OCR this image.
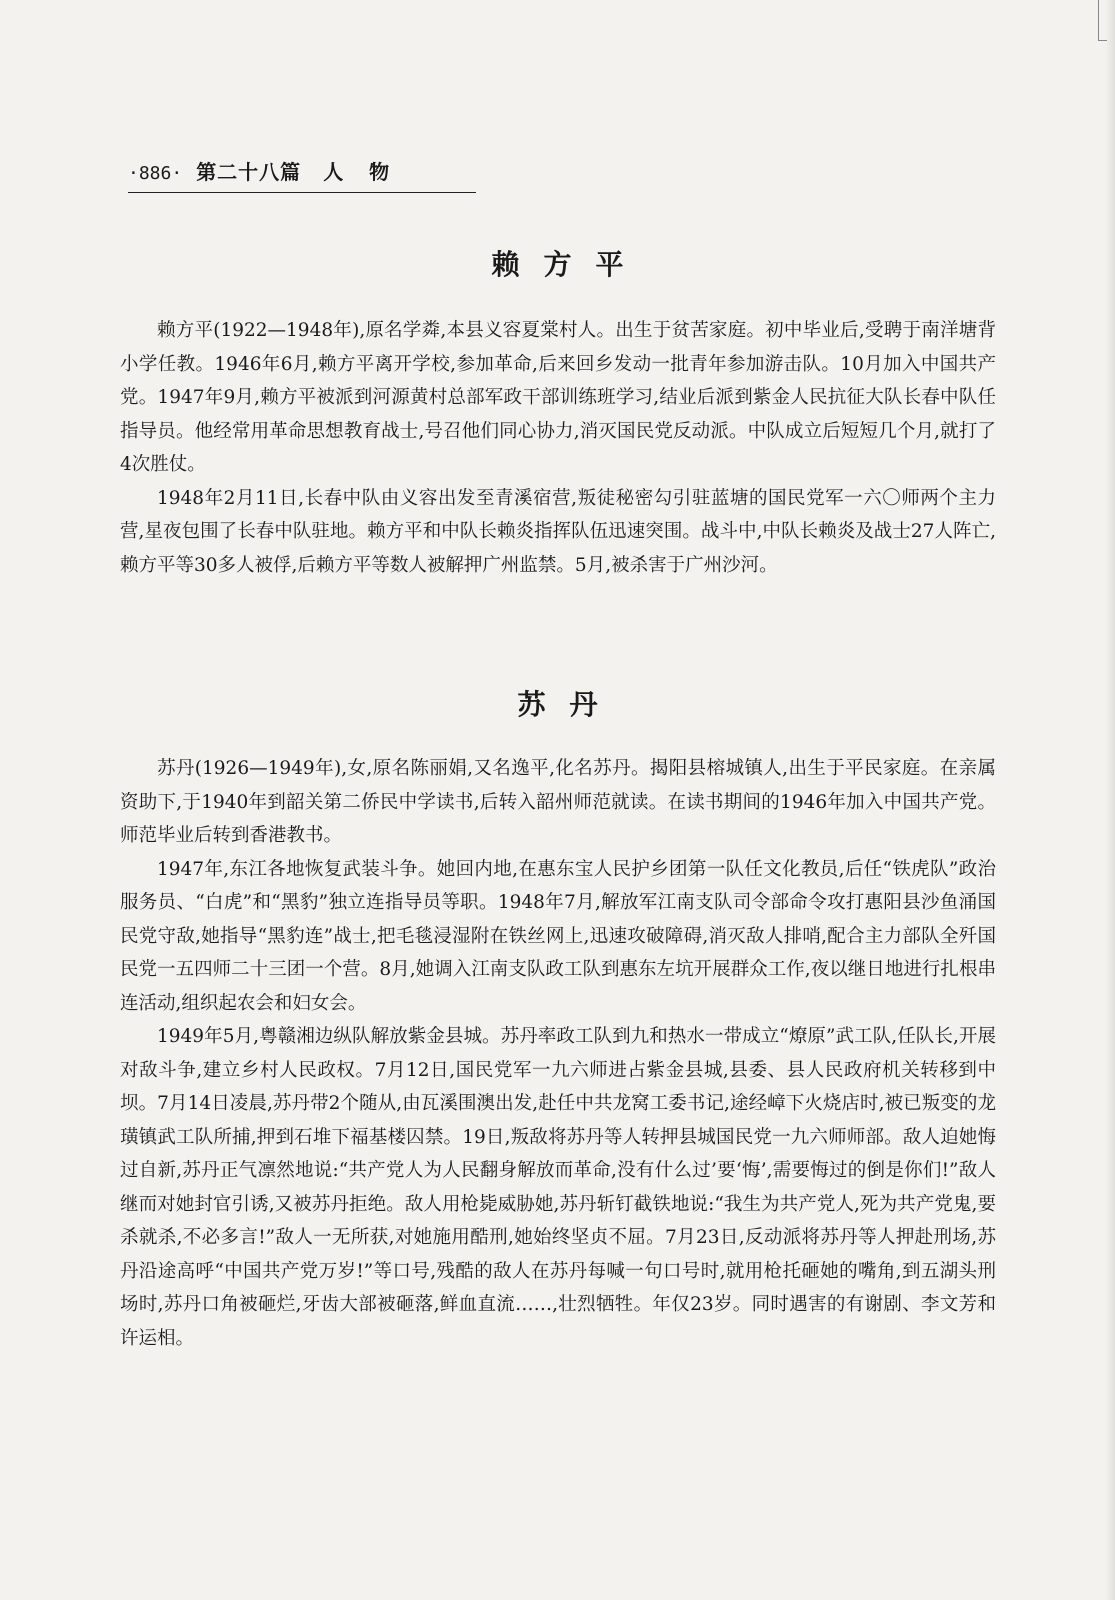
·886· 第二十八篇 人物
赖方平

赖方平(1922—1948年),原名学粦,本县义容夏棠村人。出生于贫苦家庭。初中毕业后,受聘于南洋塘背小学任教。1946年6月,赖方平离开学校,参加革命,后来回乡发动一批青年参加游击队。10月加入中国共产党。1947年9月,赖方平被派到河源黄村总部军政干部训练班学习,结业后派到紫金人民抗征大队长春中队任指导员。他经常用革命思想教育战士,号召他们同心协力,消灭国民党反动派。中队成立后短短几个月,就打了4次胜仗。

1948年2月11日,长春中队由义容出发至青溪宿营,叛徒秘密勾引驻蓝塘的国民党军一六〇师两个主力营,星夜包围了长春中队驻地。赖方平和中队长赖炎指挥队伍迅速突围。战斗中,中队长赖炎及战士27人阵亡,赖方平等30多人被俘,后赖方平等数人被解押广州监禁。5月,被杀害于广州沙河。

苏丹

苏丹(1926—1949年),女,原名陈丽娟,又名逸平,化名苏丹。揭阳县榕城镇人,出生于平民家庭。在亲属资助下,于1940年到韶关第二侨民中学读书,后转入韶州师范就读。在读书期间的1946年加入中国共产党。师范毕业后转到香港教书。

1947年,东江各地恢复武装斗争。她回内地,在惠东宝人民护乡团第一队任文化教员,后任“铁虎队”政治服务员、“白虎”和“黑豹”独立连指导员等职。1948年7月,解放军江南支队司令部命令攻打惠阳县沙鱼涌国民党守敌,她指导“黑豹连”战士,把毛毯浸湿附在铁丝网上,迅速攻破障碍,消灭敌人排哨,配合主力部队全歼国民党一五四师二十三团一个营。8月,她调入江南支队政工队到惠东左坑开展群众工作,夜以继日地进行扎根串连活动,组织起农会和妇女会。

1949年5月,粤赣湘边纵队解放紫金县城。苏丹率政工队到九和热水一带成立“燎原”武工队,任队长,开展对敌斗争,建立乡村人民政权。7月12日,国民党军一九六师进占紫金县城,县委、县人民政府机关转移到中坝。7月14日凌晨,苏丹带2个随从,由瓦溪围澳出发,赴任中共龙窝工委书记,途经嶂下火烧店时,被已叛变的龙璜镇武工队所捕,押到石堆下福基楼囚禁。19日,叛敌将苏丹等人转押县城国民党一九六师师部。敌人迫她悔过自新,苏丹正气凛然地说:“共产党人为人民翻身解放而革命,没有什么过’要‘悔’,需要悔过的倒是你们!”敌人继而对她封官引诱,又被苏丹拒绝。敌人用枪毙威胁她,苏丹斩钉截铁地说:“我生为共产党人,死为共产党鬼,要杀就杀,不必多言!”敌人一无所获,对她施用酷刑,她始终坚贞不屈。7月23日,反动派将苏丹等人押赴刑场,苏丹沿途高呼“中国共产党万岁!”等口号,残酷的敌人在苏丹每喊一句口号时,就用枪托砸她的嘴角,到五湖头刑场时,苏丹口角被砸烂,牙齿大部被砸落,鲜血直流……,壮烈牺牲。年仅23岁。同时遇害的有谢剧、李文芳和许运相。
